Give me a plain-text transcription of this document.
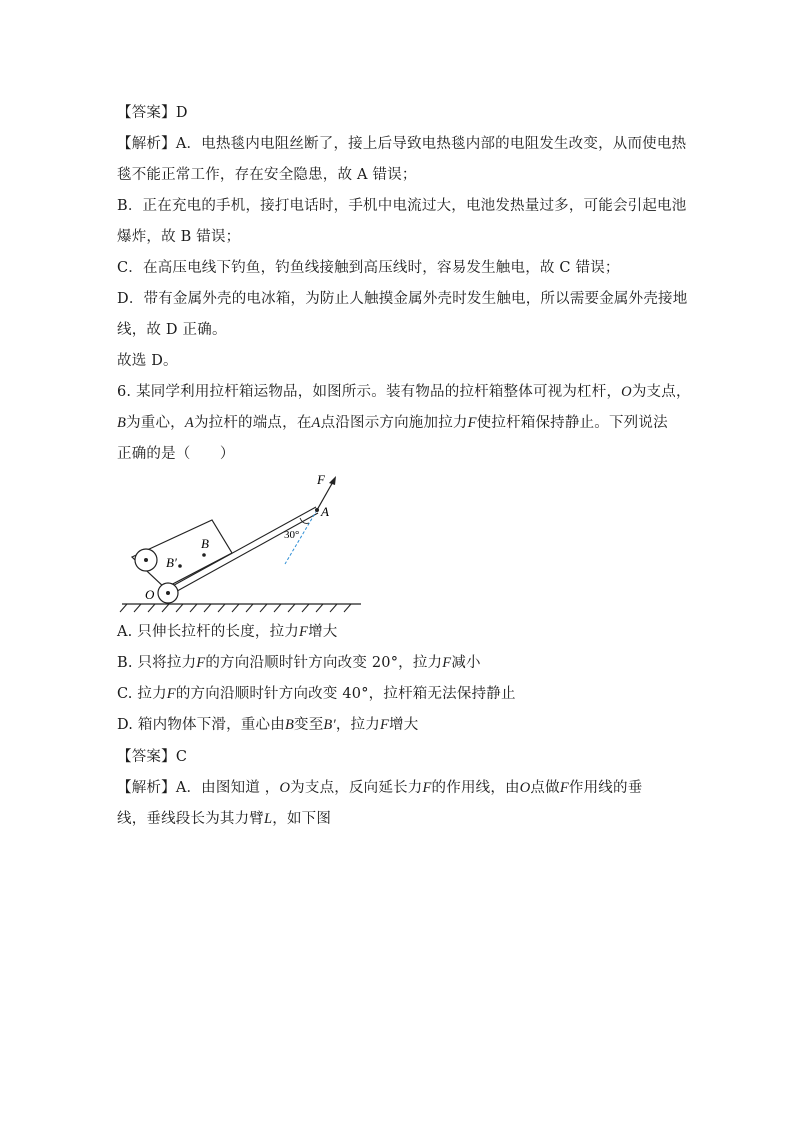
【答案】D
【解析】A．电热毯内电阻丝断了，接上后导致电热毯内部的电阻发生改变，从而使电热
毯不能正常工作，存在安全隐患，故 A 错误；
B．正在充电的手机，接打电话时，手机中电流过大，电池发热量过多，可能会引起电池
爆炸，故 B 错误；
C．在高压电线下钓鱼，钓鱼线接触到高压线时，容易发生触电，故 C 错误；
D．带有金属外壳的电冰箱，为防止人触摸金属外壳时发生触电，所以需要金属外壳接地
线，故 D 正确。
故选 D。
6. 某同学利用拉杆箱运物品，如图所示。装有物品的拉杆箱整体可视为杠杆，O为支点，
B为重心，A为拉杆的端点，在A点沿图示方向施加拉力F使拉杆箱保持静止。下列说法
正确的是（　　）
F
A
B
B′
O
30°
A. 只伸长拉杆的长度，拉力F增大
B. 只将拉力F的方向沿顺时针方向改变 20°，拉力F减小
C. 拉力F的方向沿顺时针方向改变 40°，拉杆箱无法保持静止
D. 箱内物体下滑，重心由B变至B′，拉力F增大
【答案】C
【解析】A．由图知道 ，O为支点，反向延长力F的作用线，由O点做F作用线的垂
线，垂线段长为其力臂L，如下图
